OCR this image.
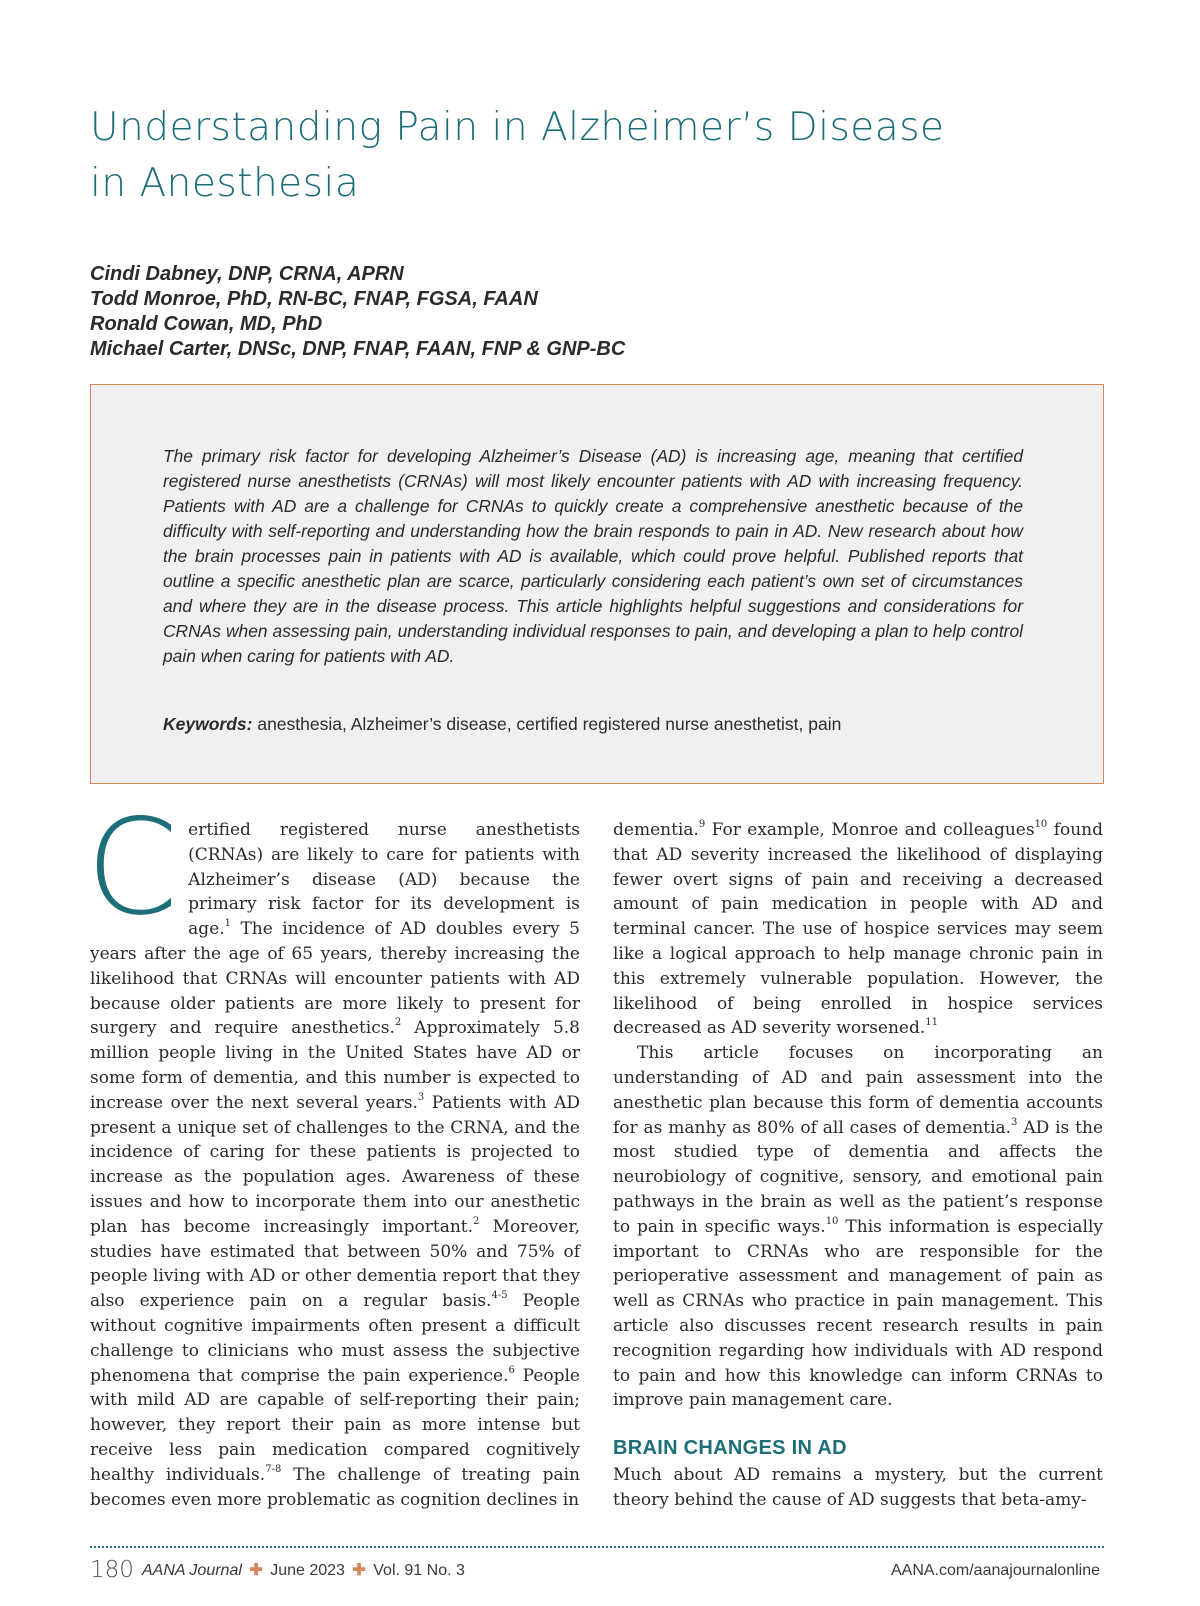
Understanding Pain in Alzheimer’s Disease in Anesthesia
Cindi Dabney, DNP, CRNA, APRN
Todd Monroe, PhD, RN-BC, FNAP, FGSA, FAAN
Ronald Cowan, MD, PhD
Michael Carter, DNSc, DNP, FNAP, FAAN, FNP & GNP-BC

The primary risk factor for developing Alzheimer’s Disease (AD) is increasing age, meaning that certified registered nurse anesthetists (CRNAs) will most likely encounter patients with AD with increasing frequency. Patients with AD are a challenge for CRNAs to quickly create a comprehensive anesthetic because of the difficulty with self-reporting and understanding how the brain responds to pain in AD. New research about how the brain processes pain in patients with AD is available, which could prove helpful. Published reports that outline a specific anesthetic plan are scarce, particularly considering each patient’s own set of circumstances and where they are in the disease process. This article highlights helpful suggestions and considerations for CRNAs when assessing pain, understanding individual responses to pain, and developing a plan to help control pain when caring for patients with AD.

Keywords: anesthesia, Alzheimer’s disease, certified registered nurse anesthetist, pain

Certified registered nurse anesthetists (CRNAs) are likely to care for patients with Alzheimer’s disease (AD) because the primary risk factor for its development is age.$^1$ The incidence of AD doubles every 5 years after the age of 65 years, thereby increasing the likelihood that CRNAs will encounter patients with AD because older patients are more likely to present for surgery and require anesthetics.$^2$ Approximately 5.8 million people living in the United States have AD or some form of dementia, and this number is expected to increase over the next several years.$^3$ Patients with AD present a unique set of challenges to the CRNA, and the incidence of caring for these patients is projected to increase as the population ages. Awareness of these issues and how to incorporate them into our anesthetic plan has become increasingly important.$^2$ Moreover, studies have estimated that between 50% and 75% of people living with AD or other dementia report that they also experience pain on a regular basis.$^{4-5}$ People without cognitive impairments often present a difficult challenge to clinicians who must assess the subjective phenomena that comprise the pain experience.$^6$ People with mild AD are capable of self-reporting their pain; however, they report their pain as more intense but receive less pain medication compared cognitively healthy individuals.$^{7-8}$ The challenge of treating pain becomes even more problematic as cognition declines in

dementia.$^9$ For example, Monroe and colleagues$^{10}$ found that AD severity increased the likelihood of displaying fewer overt signs of pain and receiving a decreased amount of pain medication in people with AD and terminal cancer. The use of hospice services may seem like a logical approach to help manage chronic pain in this extremely vulnerable population. However, the likelihood of being enrolled in hospice services decreased as AD severity worsened.$^{11}$

This article focuses on incorporating an understanding of AD and pain assessment into the anesthetic plan because this form of dementia accounts for as manhy as 80% of all cases of dementia.$^3$ AD is the most studied type of dementia and affects the neurobiology of cognitive, sensory, and emotional pain pathways in the brain as well as the patient’s response to pain in specific ways.$^{10}$ This information is especially important to CRNAs who are responsible for the perioperative assessment and management of pain as well as CRNAs who practice in pain management. This article also discusses recent research results in pain recognition regarding how individuals with AD respond to pain and how this knowledge can inform CRNAs to improve pain management care.

BRAIN CHANGES IN AD

Much about AD remains a mystery, but the current theory behind the cause of AD suggests that beta-amy-

180 AANA Journal ✚ June 2023 ✚ Vol. 91 No. 3	AANA.com/aanajournalonline
